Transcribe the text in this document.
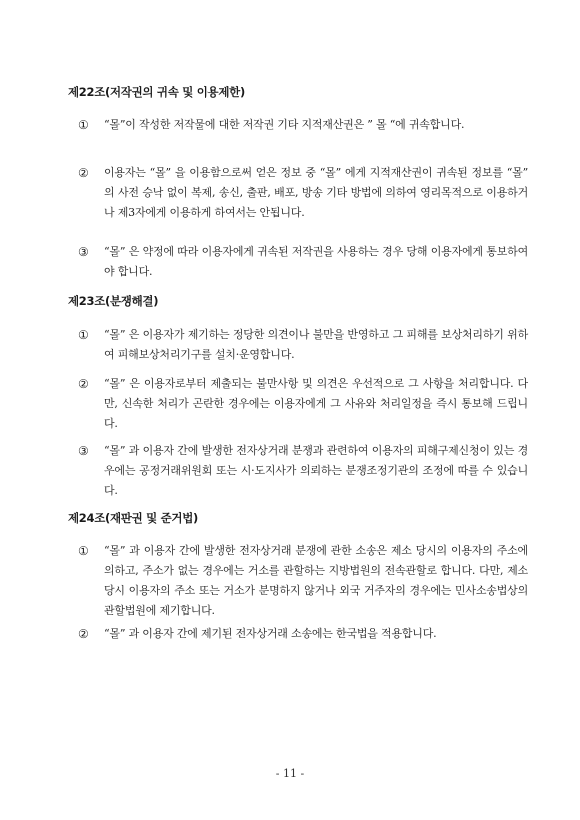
제22조(저작권의 귀속 및 이용제한)

① “몰”이 작성한 저작물에 대한 저작권 기타 지적재산권은 ” 몰 “에 귀속합니다.
② 이용자는 “몰” 을 이용함으로써 얻은 정보 중 “몰” 에게 지적재산권이 귀속된 정보를 “몰” 의 사전 승낙 없이 복제, 송신, 출판, 배포, 방송 기타 방법에 의하여 영리목적으로 이용하거나 제3자에게 이용하게 하여서는 안됩니다.
③ “몰” 은 약정에 따라 이용자에게 귀속된 저작권을 사용하는 경우 당해 이용자에게 통보하여야 합니다.

제23조(분쟁해결)

① “몰” 은 이용자가 제기하는 정당한 의견이나 불만을 반영하고 그 피해를 보상처리하기 위하여 피해보상처리기구를 설치·운영합니다.
② “몰” 은 이용자로부터 제출되는 불만사항 및 의견은 우선적으로 그 사항을 처리합니다. 다만, 신속한 처리가 곤란한 경우에는 이용자에게 그 사유와 처리일정을 즉시 통보해 드립니다.
③ “몰” 과 이용자 간에 발생한 전자상거래 분쟁과 관련하여 이용자의 피해구제신청이 있는 경우에는 공정거래위원회 또는 시·도지사가 의뢰하는 분쟁조정기관의 조정에 따를 수 있습니다.

제24조(재판권 및 준거법)

① “몰” 과 이용자 간에 발생한 전자상거래 분쟁에 관한 소송은 제소 당시의 이용자의 주소에 의하고, 주소가 없는 경우에는 거소를 관할하는 지방법원의 전속관할로 합니다. 다만, 제소 당시 이용자의 주소 또는 거소가 분명하지 않거나 외국 거주자의 경우에는 민사소송법상의 관할법원에 제기합니다.
② “몰” 과 이용자 간에 제기된 전자상거래 소송에는 한국법을 적용합니다.
- 11 -
